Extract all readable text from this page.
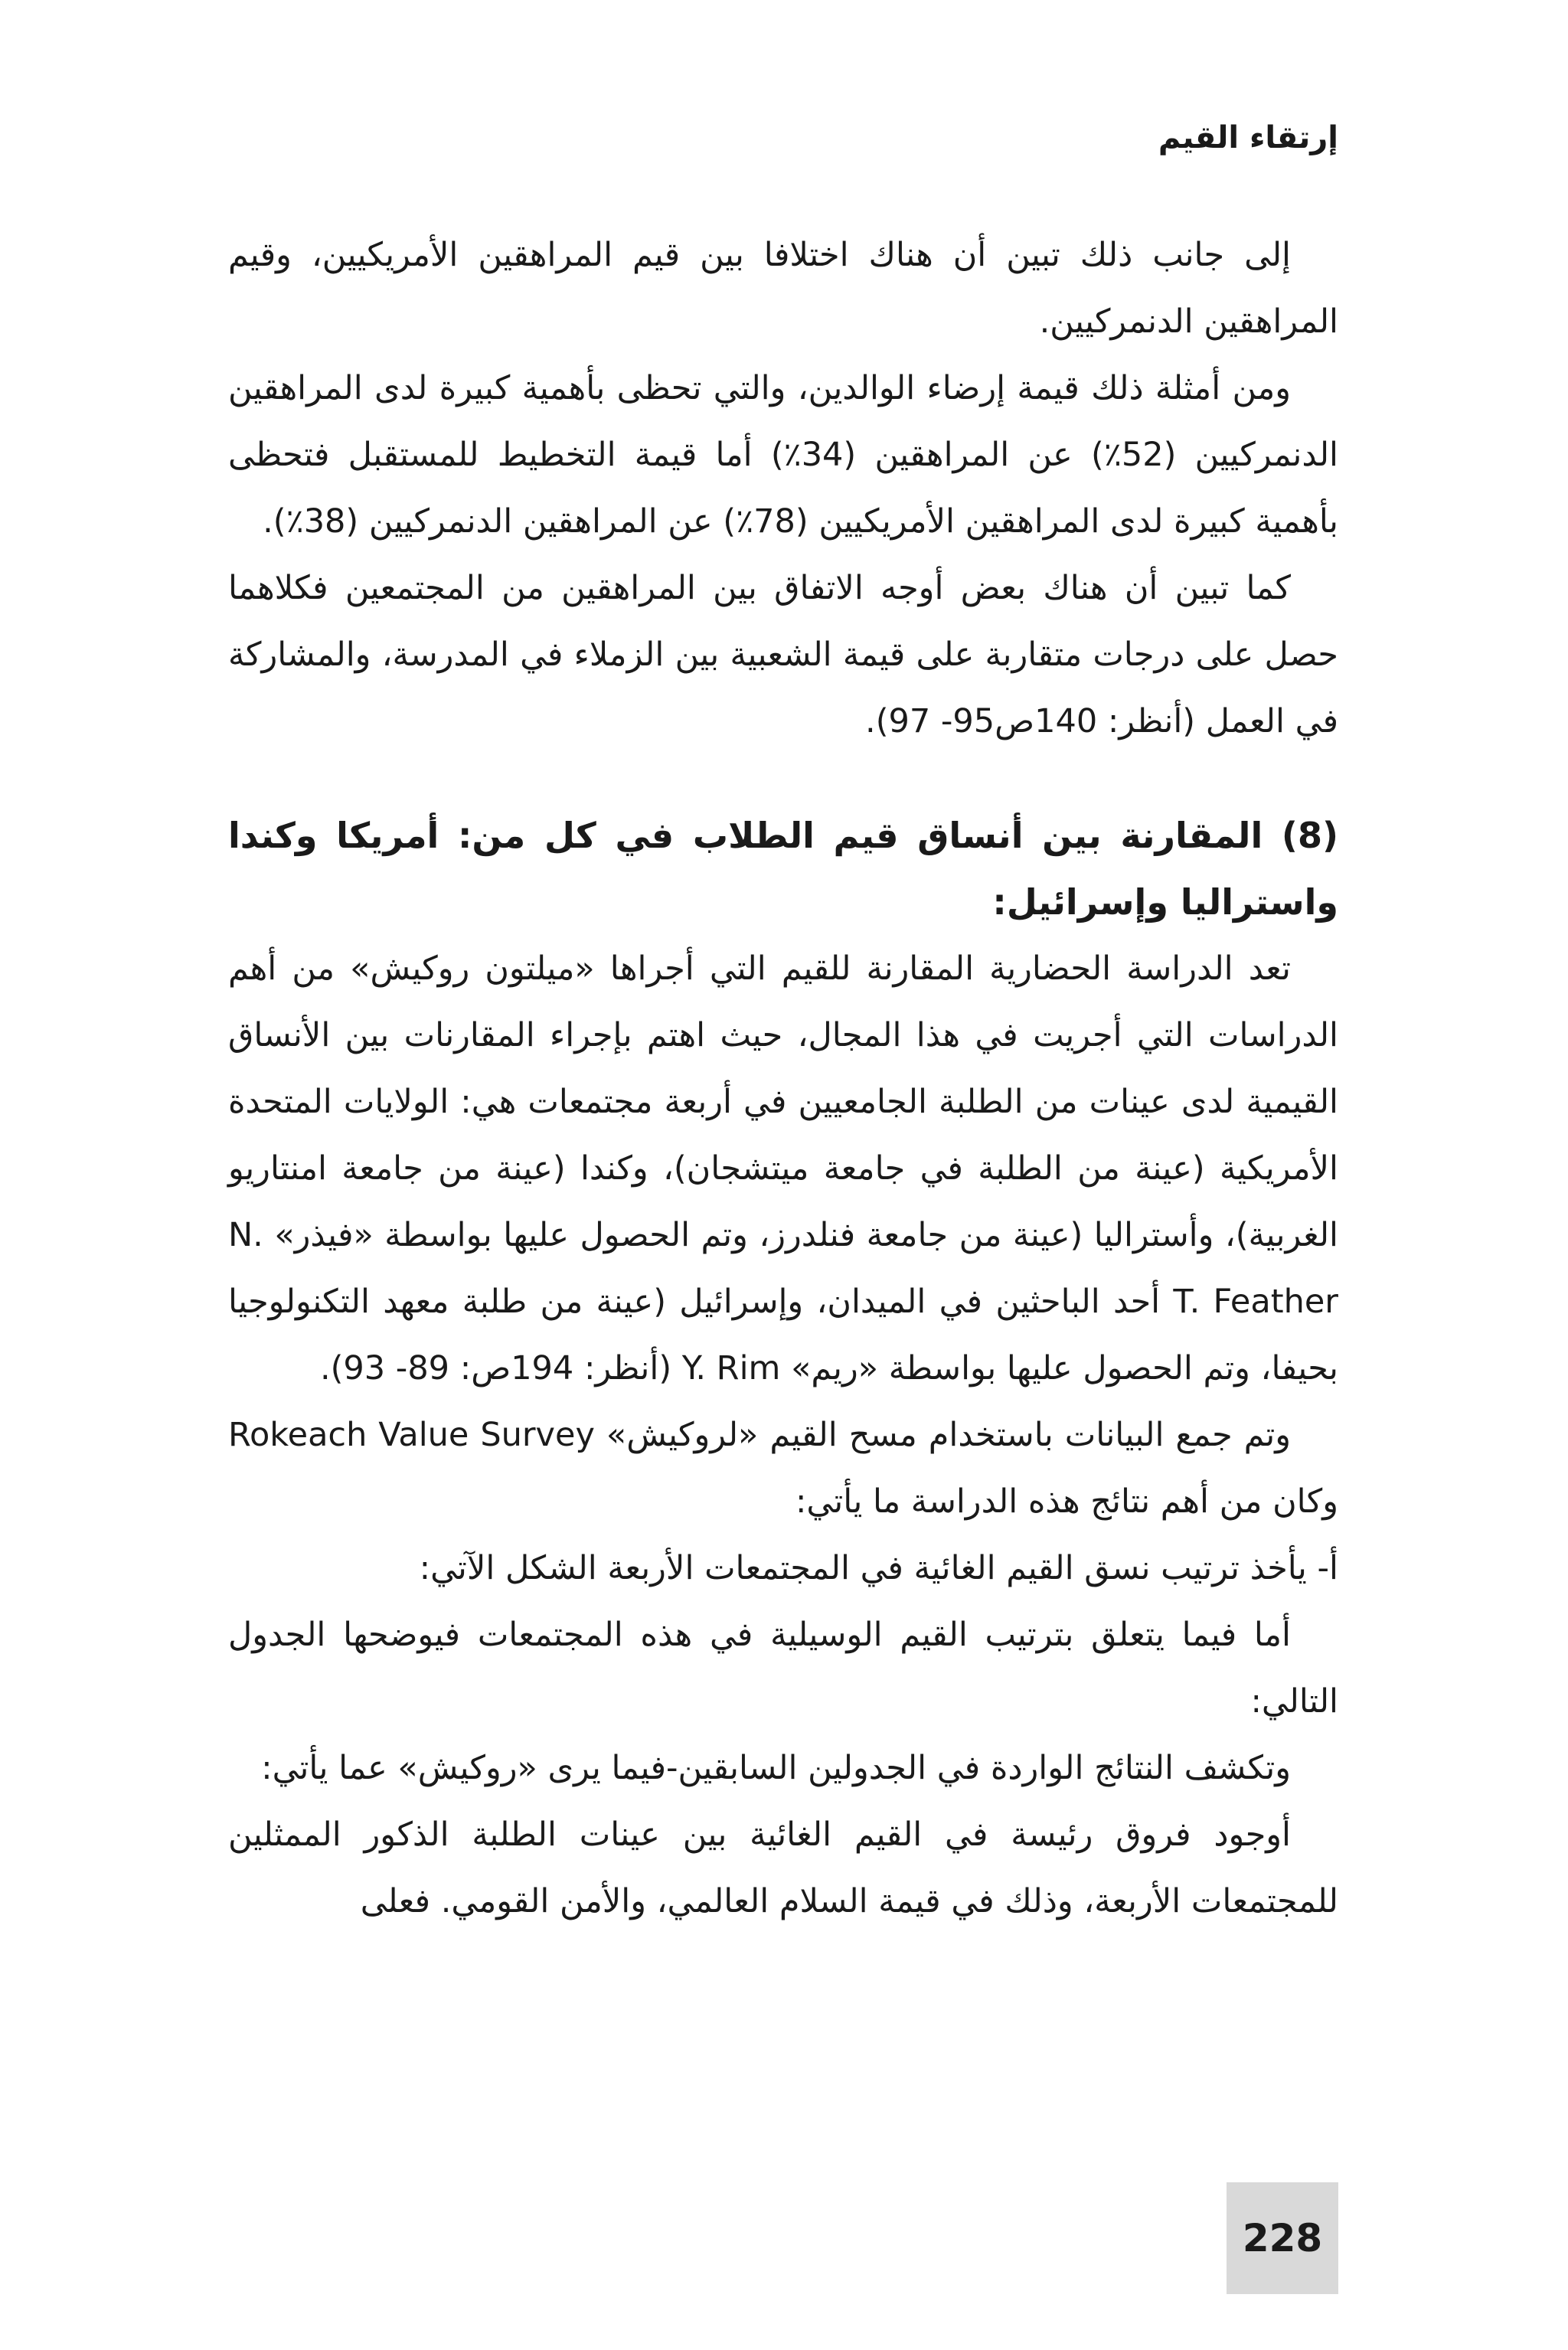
إرتقاء القيم

إلى جانب ذلك تبين أن هناك اختلافا بين قيم المراهقين الأمريكيين، وقيم المراهقين الدنمركيين.

ومن أمثلة ذلك قيمة إرضاء الوالدين، والتي تحظى بأهمية كبيرة لدى المراهقين الدنمركيين (52٪) عن المراهقين (34٪) أما قيمة التخطيط للمستقبل فتحظى بأهمية كبيرة لدى المراهقين الأمريكيين (78٪) عن المراهقين الدنمركيين (38٪).

كما تبين أن هناك بعض أوجه الاتفاق بين المراهقين من المجتمعين فكلاهما حصل على درجات متقاربة على قيمة الشعبية بين الزملاء في المدرسة، والمشاركة في العمل (أنظر: 140ص95- 97).

(8) المقارنة بين أنساق قيم الطلاب في كل من: أمريكا وكندا واستراليا وإسرائيل:

تعد الدراسة الحضارية المقارنة للقيم التي أجراها «ميلتون روكيش» من أهم الدراسات التي أجريت في هذا المجال، حيث اهتم بإجراء المقارنات بين الأنساق القيمية لدى عينات من الطلبة الجامعيين في أربعة مجتمعات هي: الولايات المتحدة الأمريكية (عينة من الطلبة في جامعة ميتشجان)، وكندا (عينة من جامعة امنتاريو الغربية)، وأستراليا (عينة من جامعة فنلدرز، وتم الحصول عليها بواسطة «فيذر» N. T. Feather أحد الباحثين في الميدان، وإسرائيل (عينة من طلبة معهد التكنولوجيا بحيفا، وتم الحصول عليها بواسطة «ريم» Y. Rim (أنظر: 194ص: 89- 93).

وتم جمع البيانات باستخدام مسح القيم «لروكيش» Rokeach Value Survey وكان من أهم نتائج هذه الدراسة ما يأتي:

أ- يأخذ ترتيب نسق القيم الغائية في المجتمعات الأربعة الشكل الآتي:

أما فيما يتعلق بترتيب القيم الوسيلية في هذه المجتمعات فيوضحها الجدول التالي:

وتكشف النتائج الواردة في الجدولين السابقين-فيما يرى «روكيش» عما يأتي:

أوجود فروق رئيسة في القيم الغائية بين عينات الطلبة الذكور الممثلين للمجتمعات الأربعة، وذلك في قيمة السلام العالمي، والأمن القومي. فعلى

228
